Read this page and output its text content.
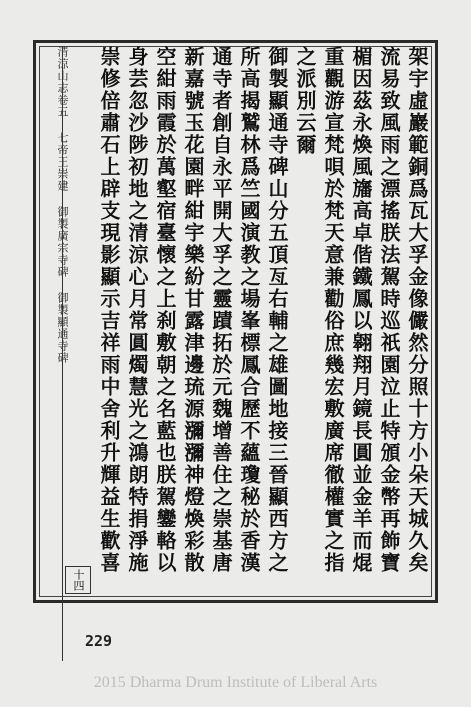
清涼山志卷五七帝王崇建御製廣宗寺碑御製顯通寺碑
架宇虛巖範銅爲瓦大孚金像儼然分照十方小朵天城久矣
流易致風雨之漂搖朕法駕時巡祇園泣止特頒金幣再飾寶
楣因茲永煥風旛高卓偕鐵鳳以翱翔月鏡長圓並金羊而焜
重觀游宣梵唄於梵天意兼勸俗庶幾宏敷廣席徹權實之指
之派別云爾
御製顯通寺碑山分五頂亙右輔之雄圖地接三晉顯西方之
所高揭鷲林爲竺國演教之場峯標鳳合歷不蘊瓊秘於香漢
通寺者創自永平開大孚之靈蹟拓於元魏增善住之崇基唐
新嘉號玉花園畔紺宇樂紛甘露津邊琉源瀰瀰神燈煥彩散
空紺雨霞於萬壑宿臺懷之上刹敷朝之名藍也朕駕鑾輅以
身芸忽沙陟初地之清涼心月常圓燭慧光之鴻朗特捐淨施
崇修倍肅石上辟支現影顯示吉祥雨中舍利升輝益生歡喜
十四
229
2015 Dharma Drum Institute of Liberal Arts
